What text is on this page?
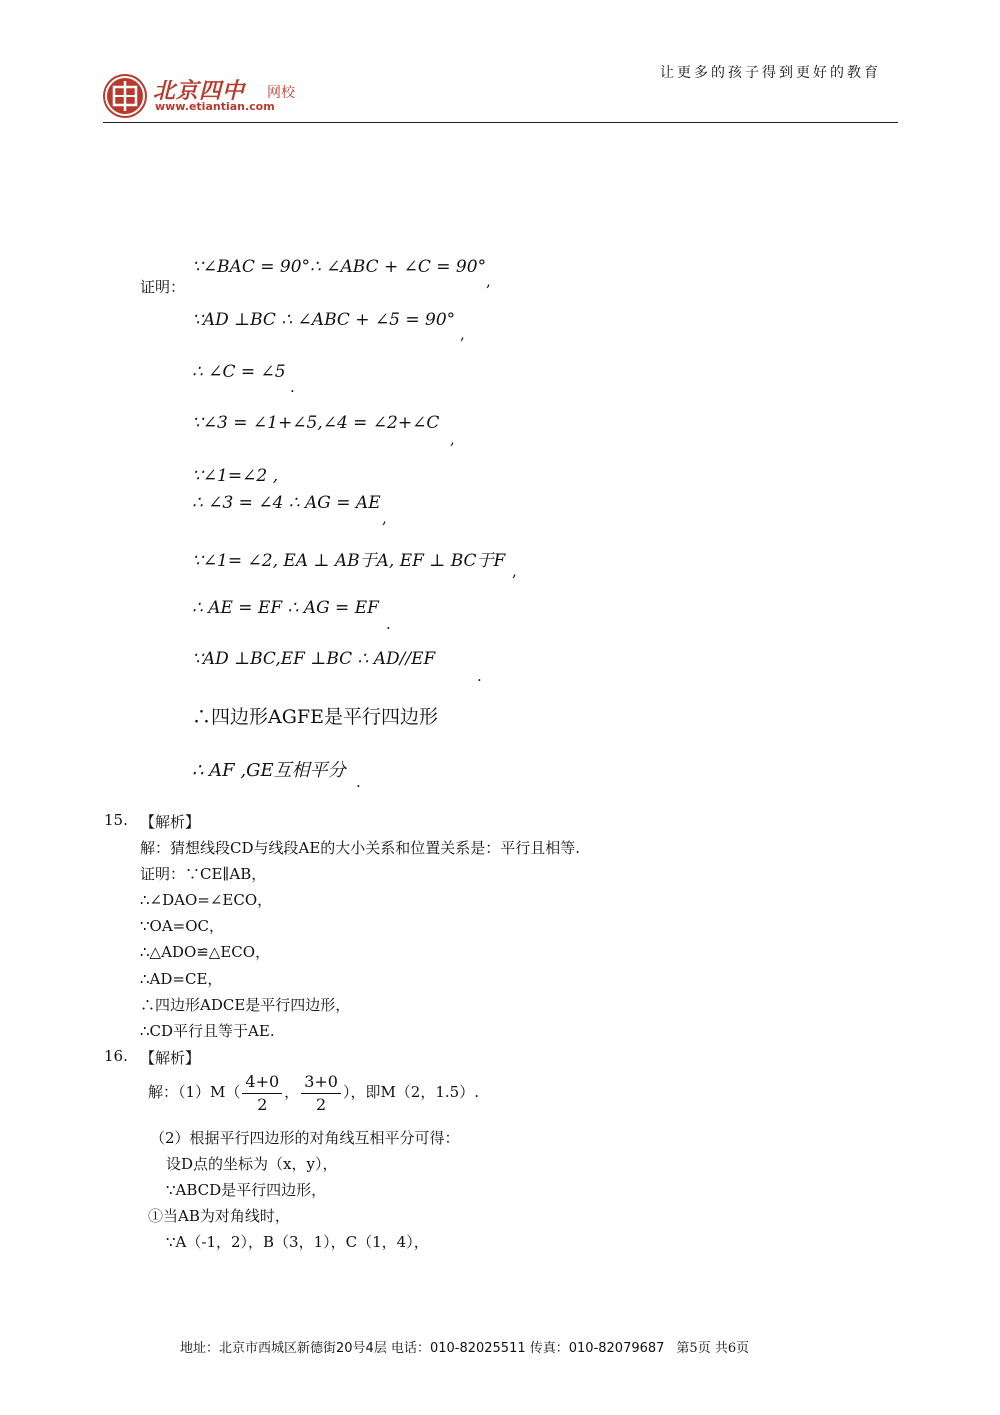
北京四中 网校
www.etiantian.com
让更多的孩子得到更好的教育
证明：
∵∠BAC = 90°∴ ∠ABC + ∠C = 90°
,
∵AD ⊥BC ∴ ∠ABC + ∠5 = 90°
,
∴ ∠C = ∠5
.
∵∠3 = ∠1+∠5,∠4 = ∠2+∠C
,
∵∠1=∠2 ,
∴ ∠3 = ∠4 ∴ AG = AE
,
∵∠1= ∠2, EA ⊥ AB于A, EF ⊥ BC于F ,
∴ AE = EF ∴ AG = EF
.
∵AD ⊥BC,EF ⊥BC ∴ AD//EF
.
∴四边形AGFE是平行四边形
∴ AF ,GE互相平分
.
15. 【解析】
解：猜想线段CD与线段AE的大小关系和位置关系是：平行且相等.
证明：∵CE∥AB，
∴∠DAO=∠ECO，
∵OA=OC，
∴△ADO≌△ECO，
∴AD=CE，
∴四边形ADCE是平行四边形，
∴CD平行且等于AE.
16. 【解析】
解：$(1)M( \frac{4+0}{2}$ ， $\frac{3+0}{2}$ ），即M（2，1.5）.
（2）根据平行四边形的对角线互相平分可得：
设D点的坐标为（x，y），
∵ABCD是平行四边形，
①当AB为对角线时，
∵A（-1，2），B（3，1），C（1，4），
地址：北京市西城区新德街20号4层 电话：010-82025511 传真：010-82079687 第5页 共6页
